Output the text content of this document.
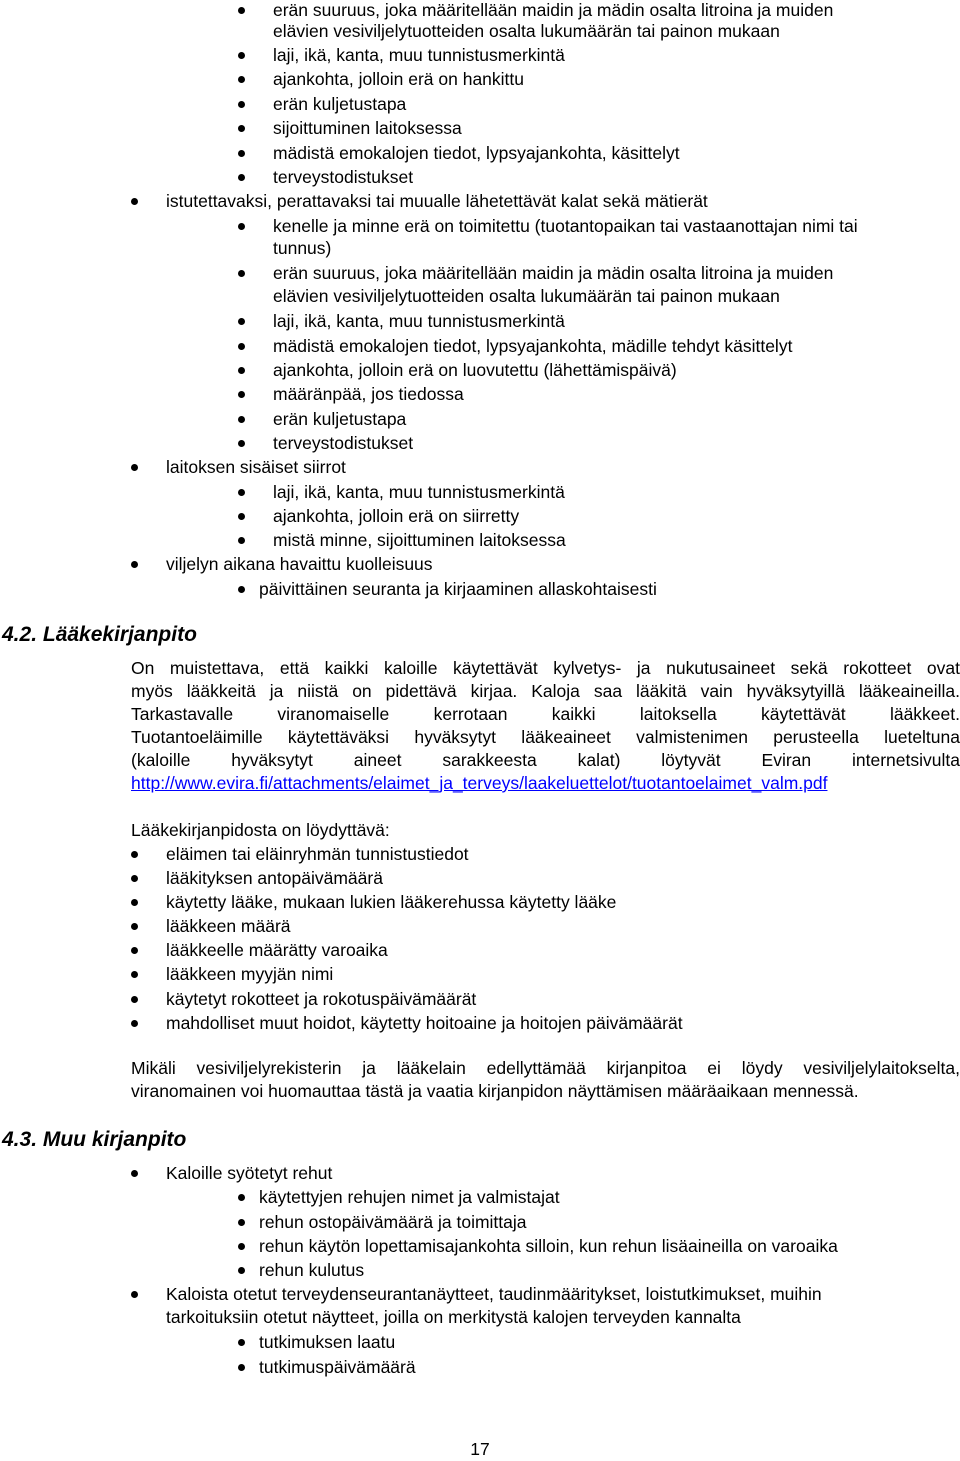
erän suuruus, joka määritellään maidin ja mädin osalta litroina ja muiden
elävien vesiviljelytuotteiden osalta lukumäärän tai painon mukaan
laji, ikä, kanta, muu tunnistusmerkintä
ajankohta, jolloin erä on hankittu
erän kuljetustapa
sijoittuminen laitoksessa
mädistä emokalojen tiedot, lypsyajankohta, käsittelyt
terveystodistukset
istutettavaksi, perattavaksi tai muualle lähetettävät kalat sekä mätierät
kenelle ja minne erä on toimitettu (tuotantopaikan tai vastaanottajan nimi tai
tunnus)
erän suuruus, joka määritellään maidin ja mädin osalta litroina ja muiden
elävien vesiviljelytuotteiden osalta lukumäärän tai painon mukaan
laji, ikä, kanta, muu tunnistusmerkintä
mädistä emokalojen tiedot, lypsyajankohta, mädille tehdyt käsittelyt
ajankohta, jolloin erä on luovutettu (lähettämispäivä)
määränpää, jos tiedossa
erän kuljetustapa
terveystodistukset
laitoksen sisäiset siirrot
laji, ikä, kanta, muu tunnistusmerkintä
ajankohta, jolloin erä on siirretty
mistä minne, sijoittuminen laitoksessa
viljelyn aikana havaittu kuolleisuus
päivittäinen seuranta ja kirjaaminen allaskohtaisesti
4.2. Lääkekirjanpito
On muistettava, että kaikki kaloille käytettävät kylvetys- ja nukutusaineet sekä rokotteet ovat
myös lääkkeitä ja niistä on pidettävä kirjaa. Kaloja saa lääkitä vain hyväksytyillä lääkeaineilla.
Tarkastavalle viranomaiselle kerrotaan kaikki laitoksella käytettävät lääkkeet.
Tuotantoeläimille käytettäväksi hyväksytyt lääkeaineet valmistenimen perusteella lueteltuna
(kaloille hyväksytyt aineet sarakkeesta kalat) löytyvät Eviran internetsivulta
http://www.evira.fi/attachments/elaimet_ja_terveys/laakeluettelot/tuotantoelaimet_valm.pdf
Lääkekirjanpidosta on löydyttävä:
eläimen tai eläinryhmän tunnistustiedot
lääkityksen antopäivämäärä
käytetty lääke, mukaan lukien lääkerehussa käytetty lääke
lääkkeen määrä
lääkkeelle määrätty varoaika
lääkkeen myyjän nimi
käytetyt rokotteet ja rokotuspäivämäärät
mahdolliset muut hoidot, käytetty hoitoaine ja hoitojen päivämäärät
Mikäli vesiviljelyrekisterin ja lääkelain edellyttämää kirjanpitoa ei löydy vesiviljelylaitokselta,
viranomainen voi huomauttaa tästä ja vaatia kirjanpidon näyttämisen määräaikaan mennessä.
4.3. Muu kirjanpito
Kaloille syötetyt rehut
käytettyjen rehujen nimet ja valmistajat
rehun ostopäivämäärä ja toimittaja
rehun käytön lopettamisajankohta silloin, kun rehun lisäaineilla on varoaika
rehun kulutus
Kaloista otetut terveydenseurantanäytteet, taudinmääritykset, loistutkimukset, muihin
tarkoituksiin otetut näytteet, joilla on merkitystä kalojen terveyden kannalta
tutkimuksen laatu
tutkimuspäivämäärä
17
